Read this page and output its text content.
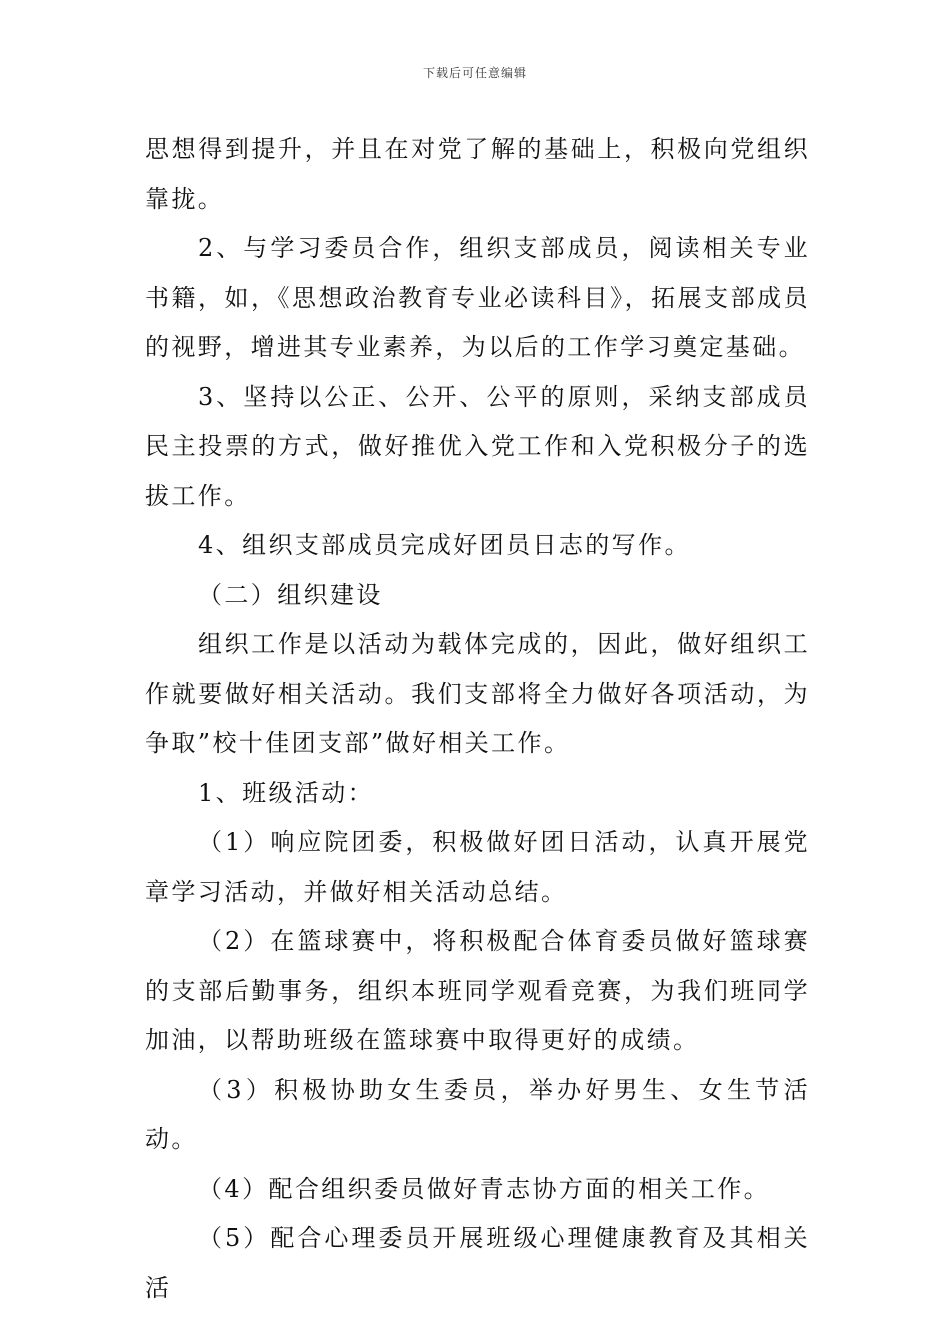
下载后可任意编辑

思想得到提升，并且在对党了解的基础上，积极向党组织靠拢。

2、与学习委员合作，组织支部成员，阅读相关专业书籍，如，《思想政治教育专业必读科目》，拓展支部成员的视野，增进其专业素养，为以后的工作学习奠定基础。

3、坚持以公正、公开、公平的原则，采纳支部成员民主投票的方式，做好推优入党工作和入党积极分子的选拔工作。

4、组织支部成员完成好团员日志的写作。

（二）组织建设

组织工作是以活动为载体完成的，因此，做好组织工作就要做好相关活动。我们支部将全力做好各项活动，为争取”校十佳团支部”做好相关工作。

1、班级活动：

（1）响应院团委，积极做好团日活动，认真开展党章学习活动，并做好相关活动总结。

（2）在篮球赛中，将积极配合体育委员做好篮球赛的支部后勤事务，组织本班同学观看竞赛，为我们班同学加油，以帮助班级在篮球赛中取得更好的成绩。

（3）积极协助女生委员，举办好男生、女生节活动。

（4）配合组织委员做好青志协方面的相关工作。

（5）配合心理委员开展班级心理健康教育及其相关活
